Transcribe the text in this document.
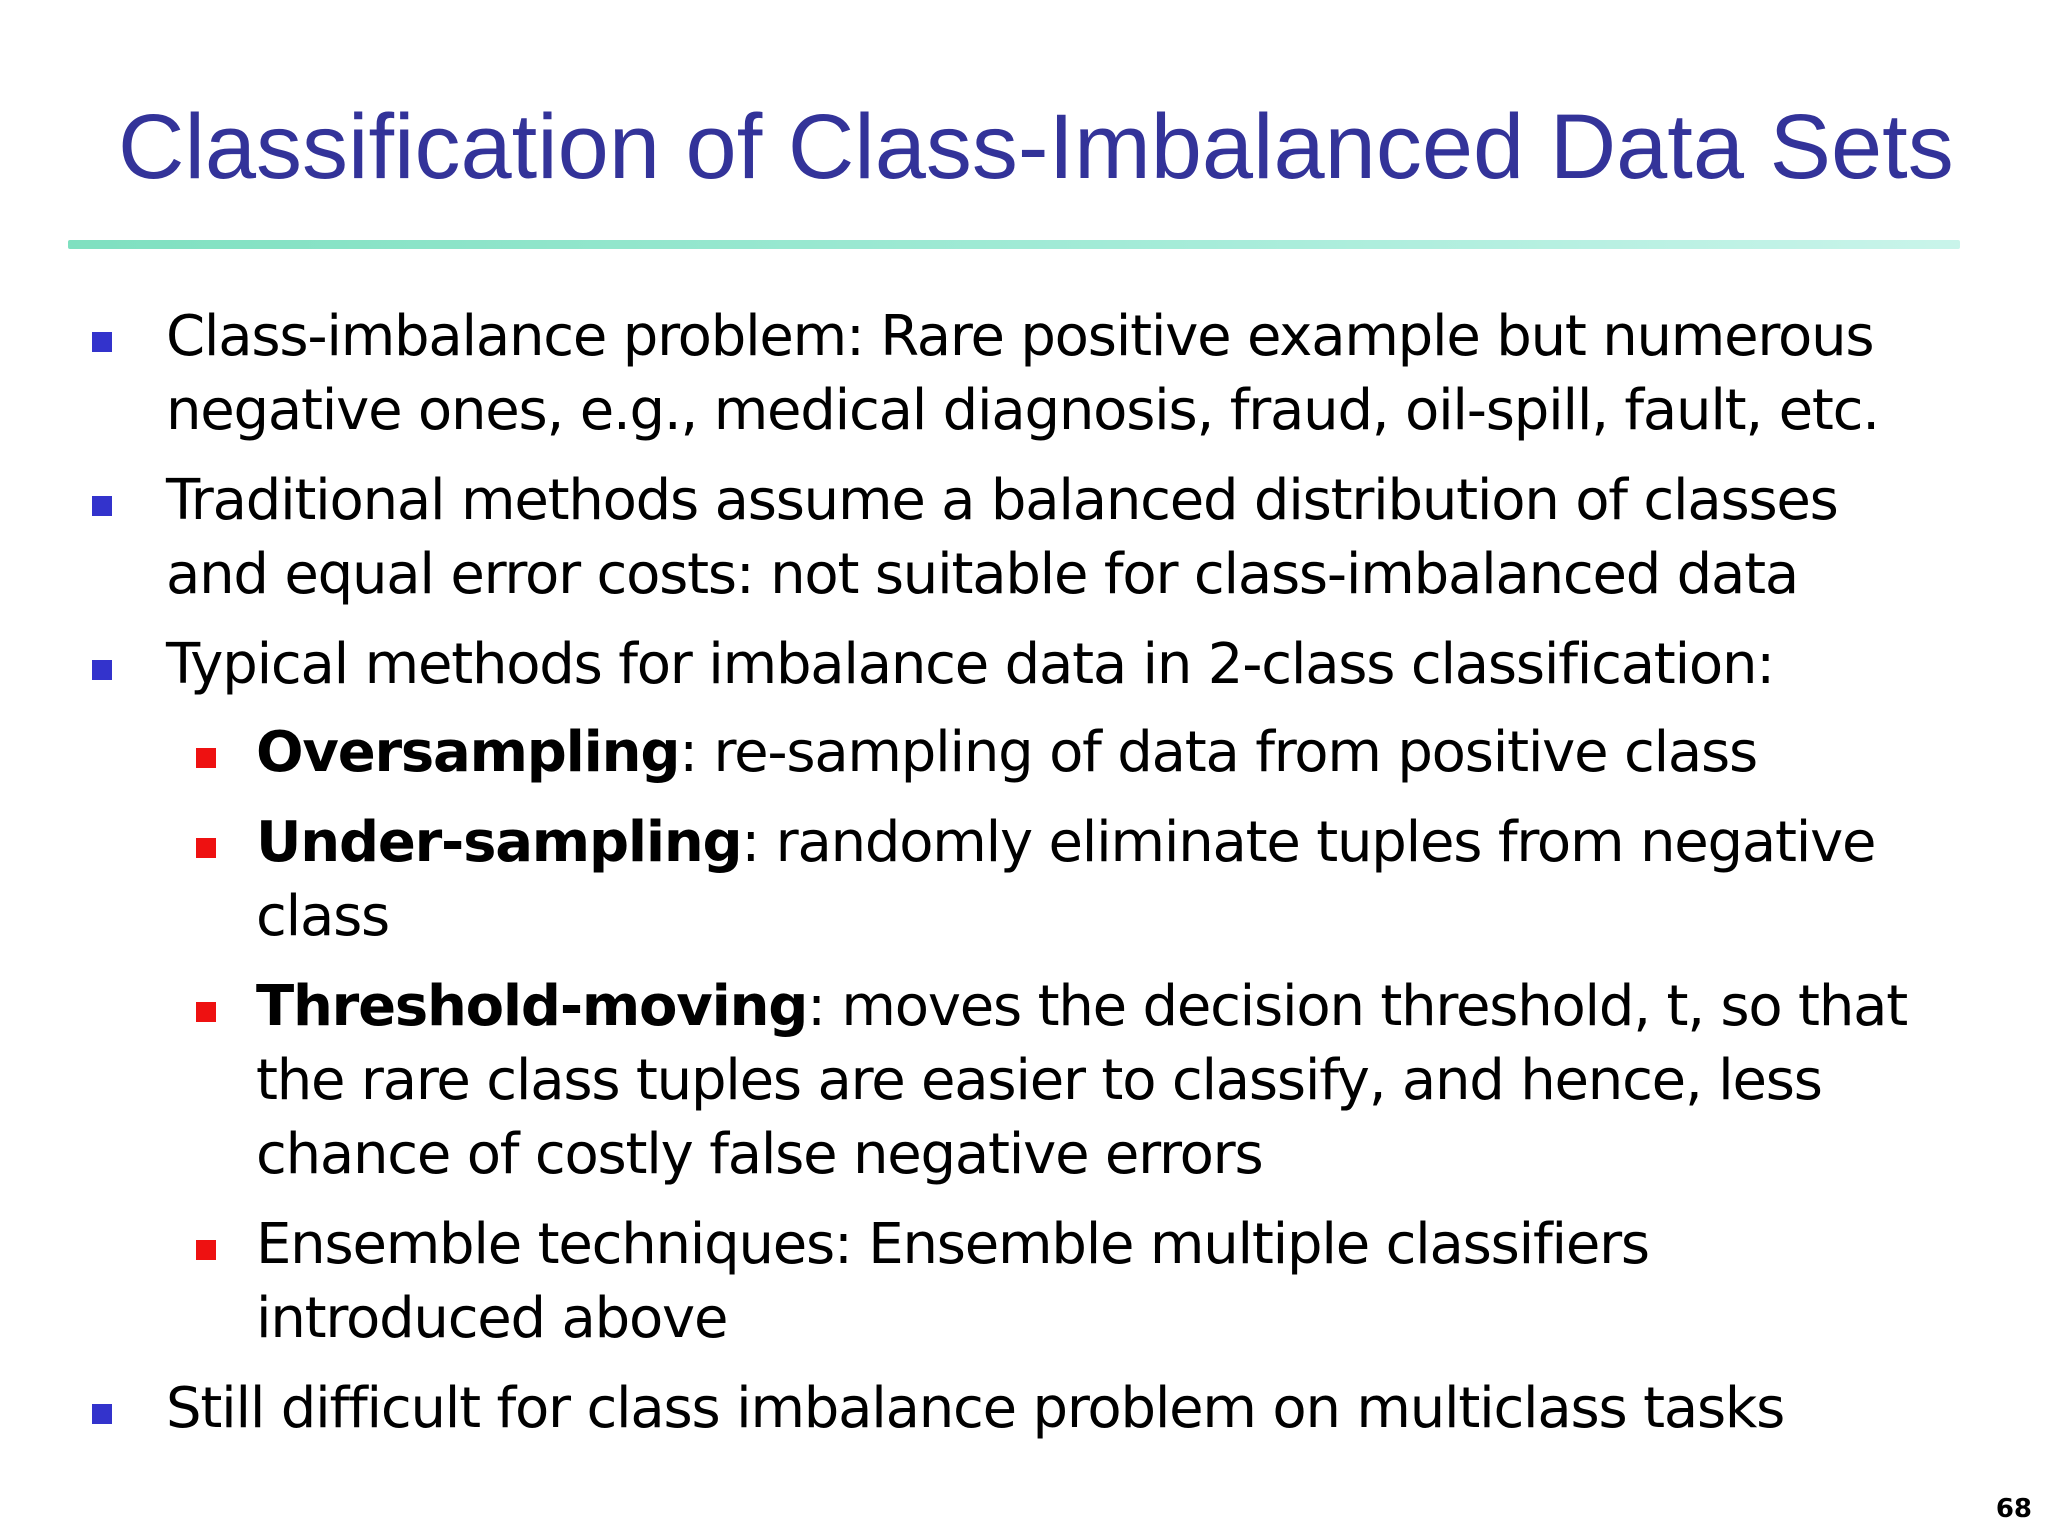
Classification of Class-Imbalanced Data Sets
Class-imbalance problem: Rare positive example but numerous negative ones, e.g., medical diagnosis, fraud, oil-spill, fault, etc.
Traditional methods assume a balanced distribution of classes and equal error costs: not suitable for class-imbalanced data
Typical methods for imbalance data in 2-class classification:
Oversampling: re-sampling of data from positive class
Under-sampling: randomly eliminate tuples from negative class
Threshold-moving: moves the decision threshold, t, so that the rare class tuples are easier to classify, and hence, less chance of costly false negative errors
Ensemble techniques: Ensemble multiple classifiers introduced above
Still difficult for class imbalance problem on multiclass tasks
68
